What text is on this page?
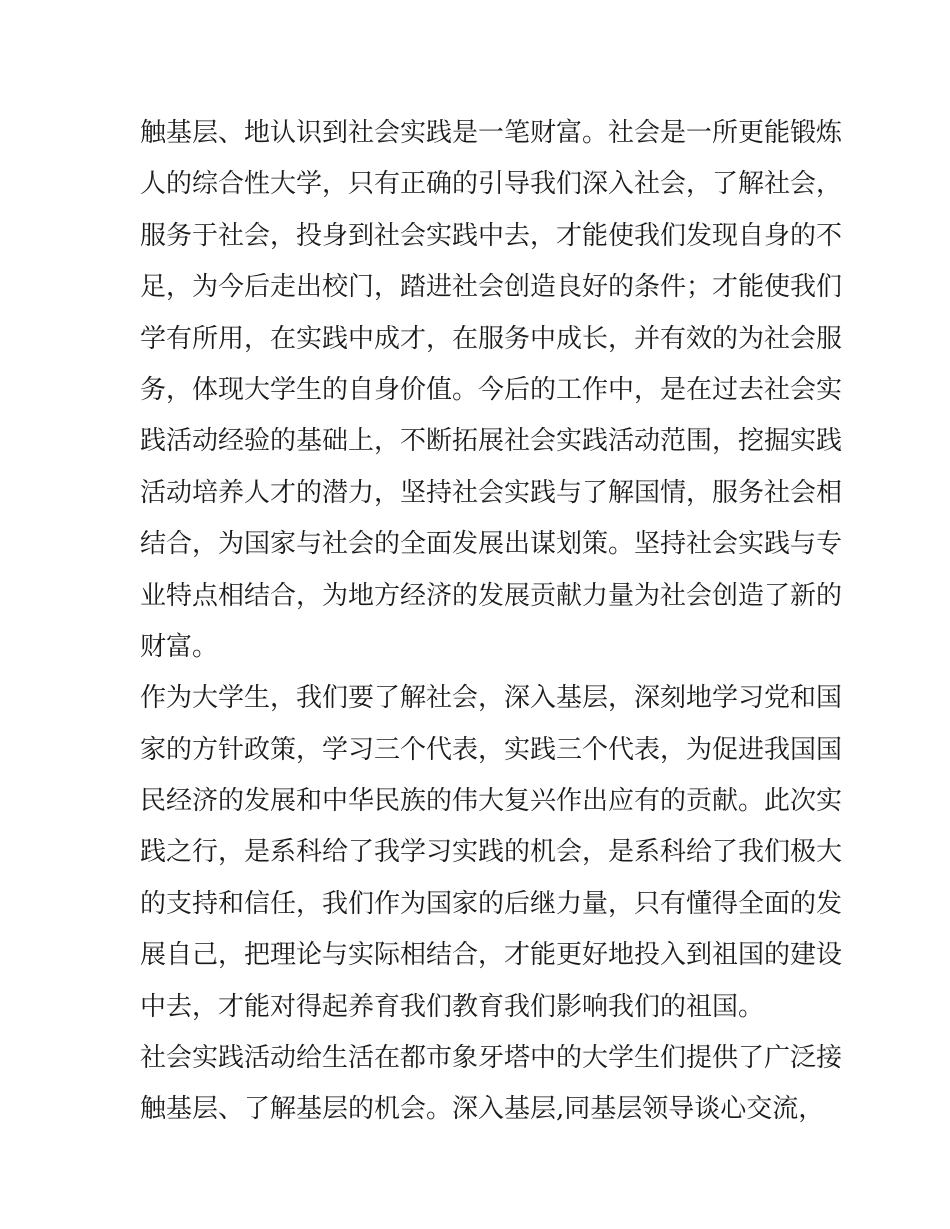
触基层、地认识到社会实践是一笔财富。社会是一所更能锻炼

人的综合性大学，只有正确的引导我们深入社会，了解社会，

服务于社会，投身到社会实践中去，才能使我们发现自身的不

足，为今后走出校门，踏进社会创造良好的条件；才能使我们

学有所用，在实践中成才，在服务中成长，并有效的为社会服

务，体现大学生的自身价值。今后的工作中，是在过去社会实

践活动经验的基础上，不断拓展社会实践活动范围，挖掘实践

活动培养人才的潜力，坚持社会实践与了解国情，服务社会相

结合，为国家与社会的全面发展出谋划策。坚持社会实践与专

业特点相结合，为地方经济的发展贡献力量为社会创造了新的

财富。

作为大学生，我们要了解社会，深入基层，深刻地学习党和国

家的方针政策，学习三个代表，实践三个代表，为促进我国国

民经济的发展和中华民族的伟大复兴作出应有的贡献。此次实

践之行，是系科给了我学习实践的机会，是系科给了我们极大

的支持和信任，我们作为国家的后继力量，只有懂得全面的发

展自己，把理论与实际相结合，才能更好地投入到祖国的建设

中去，才能对得起养育我们教育我们影响我们的祖国。

社会实践活动给生活在都市象牙塔中的大学生们提供了广泛接

触基层、了解基层的机会。深入基层,同基层领导谈心交流，
